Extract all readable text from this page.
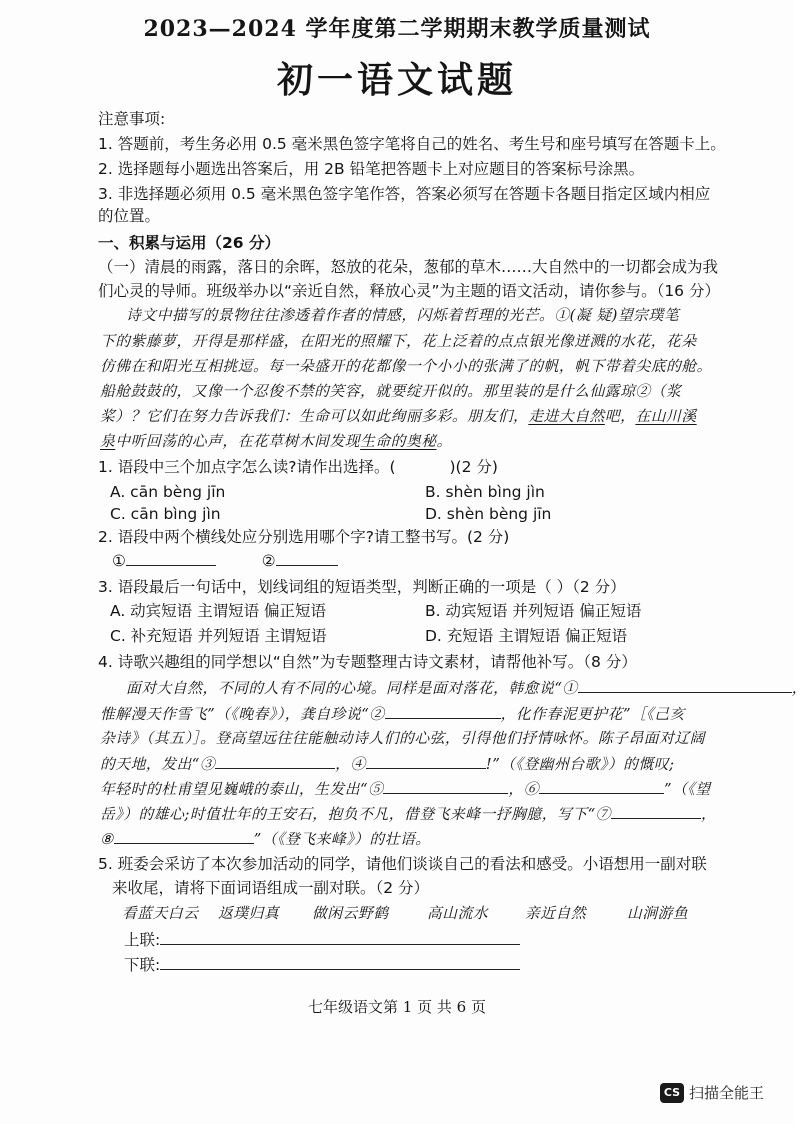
2023—2024 学年度第二学期期末教学质量测试
初一语文试题
注意事项:
1. 答题前，考生务必用 0.5 毫米黑色签字笔将自己的姓名、考生号和座号填写在答题卡上。
2. 选择题每小题选出答案后，用 2B 铅笔把答题卡上对应题目的答案标号涂黑。
3. 非选择题必须用 0.5 毫米黑色签字笔作答，答案必须写在答题卡各题目指定区域内相应
的位置。
一、积累与运用（26 分）
（一）清晨的雨露，落日的余晖，怒放的花朵，葱郁的草木……大自然中的一切都会成为我
们心灵的导师。班级举办以“亲近自然，释放心灵”为主题的语文活动，请你参与。（16 分）
诗文中描写的景物往往渗透着作者的情感，闪烁着哲理的光芒。①(凝 疑)望宗璞笔
下的紫藤萝，开得是那样盛，在阳光的照耀下，花上泛着的点点银光像迸溅的水花，花朵
仿佛在和阳光互相挑逗。每一朵盛开的花都像一个小小的张满了的帆，帆下带着尖底的舱。
船舱鼓鼓的，又像一个忍俊不禁的笑容，就要绽开似的。那里装的是什么仙露琼②（浆
桨）？它们在努力告诉我们：生命可以如此绚丽多彩。朋友们，走进大自然吧，在山川溪
泉中听回荡的心声，在花草树木间发现生命的奥秘。
1. 语段中三个加点字怎么读?请作出选择。(	)(2 分)
A. cān bèng jīn	B. shèn bìng jìn
C. cān bìng jìn	D. shèn bèng jīn
2. 语段中两个横线处应分别选用哪个字?请工整书写。(2 分)
①	②
3. 语段最后一句话中，划线词组的短语类型，判断正确的一项是（ ）（2 分）
A. 动宾短语 主谓短语 偏正短语	B. 动宾短语 并列短语 偏正短语
C. 补充短语 并列短语 主谓短语	D. 充短语 主谓短语 偏正短语
4. 诗歌兴趣组的同学想以“自然”为专题整理古诗文素材，请帮他补写。（8 分）
面对大自然，不同的人有不同的心境。同样是面对落花，韩愈说“①	，
惟解漫天作雪飞”（《晚春》），龚自珍说“②	，化作春泥更护花”［《己亥
杂诗》（其五）］。登高望远往往能触动诗人们的心弦，引得他们抒情咏怀。陈子昂面对辽阔
的天地，发出“③	，④	!”（《登幽州台歌》）的慨叹;
年轻时的杜甫望见巍峨的泰山，生发出“⑤	，⑥	”（《望
岳》）的雄心;时值壮年的王安石，抱负不凡，借登飞来峰一抒胸臆，写下“⑦	，
⑧	”（《登飞来峰》）的壮语。
5. 班委会采访了本次参加活动的同学，请他们谈谈自己的看法和感受。小语想用一副对联
来收尾，请将下面词语组成一副对联。（2 分）
看蓝天白云 返璞归真 做闲云野鹤	高山流水 亲近自然	山涧游鱼
上联:
下联:
七年级语文第 1 页 共 6 页
CS 扫描全能王
